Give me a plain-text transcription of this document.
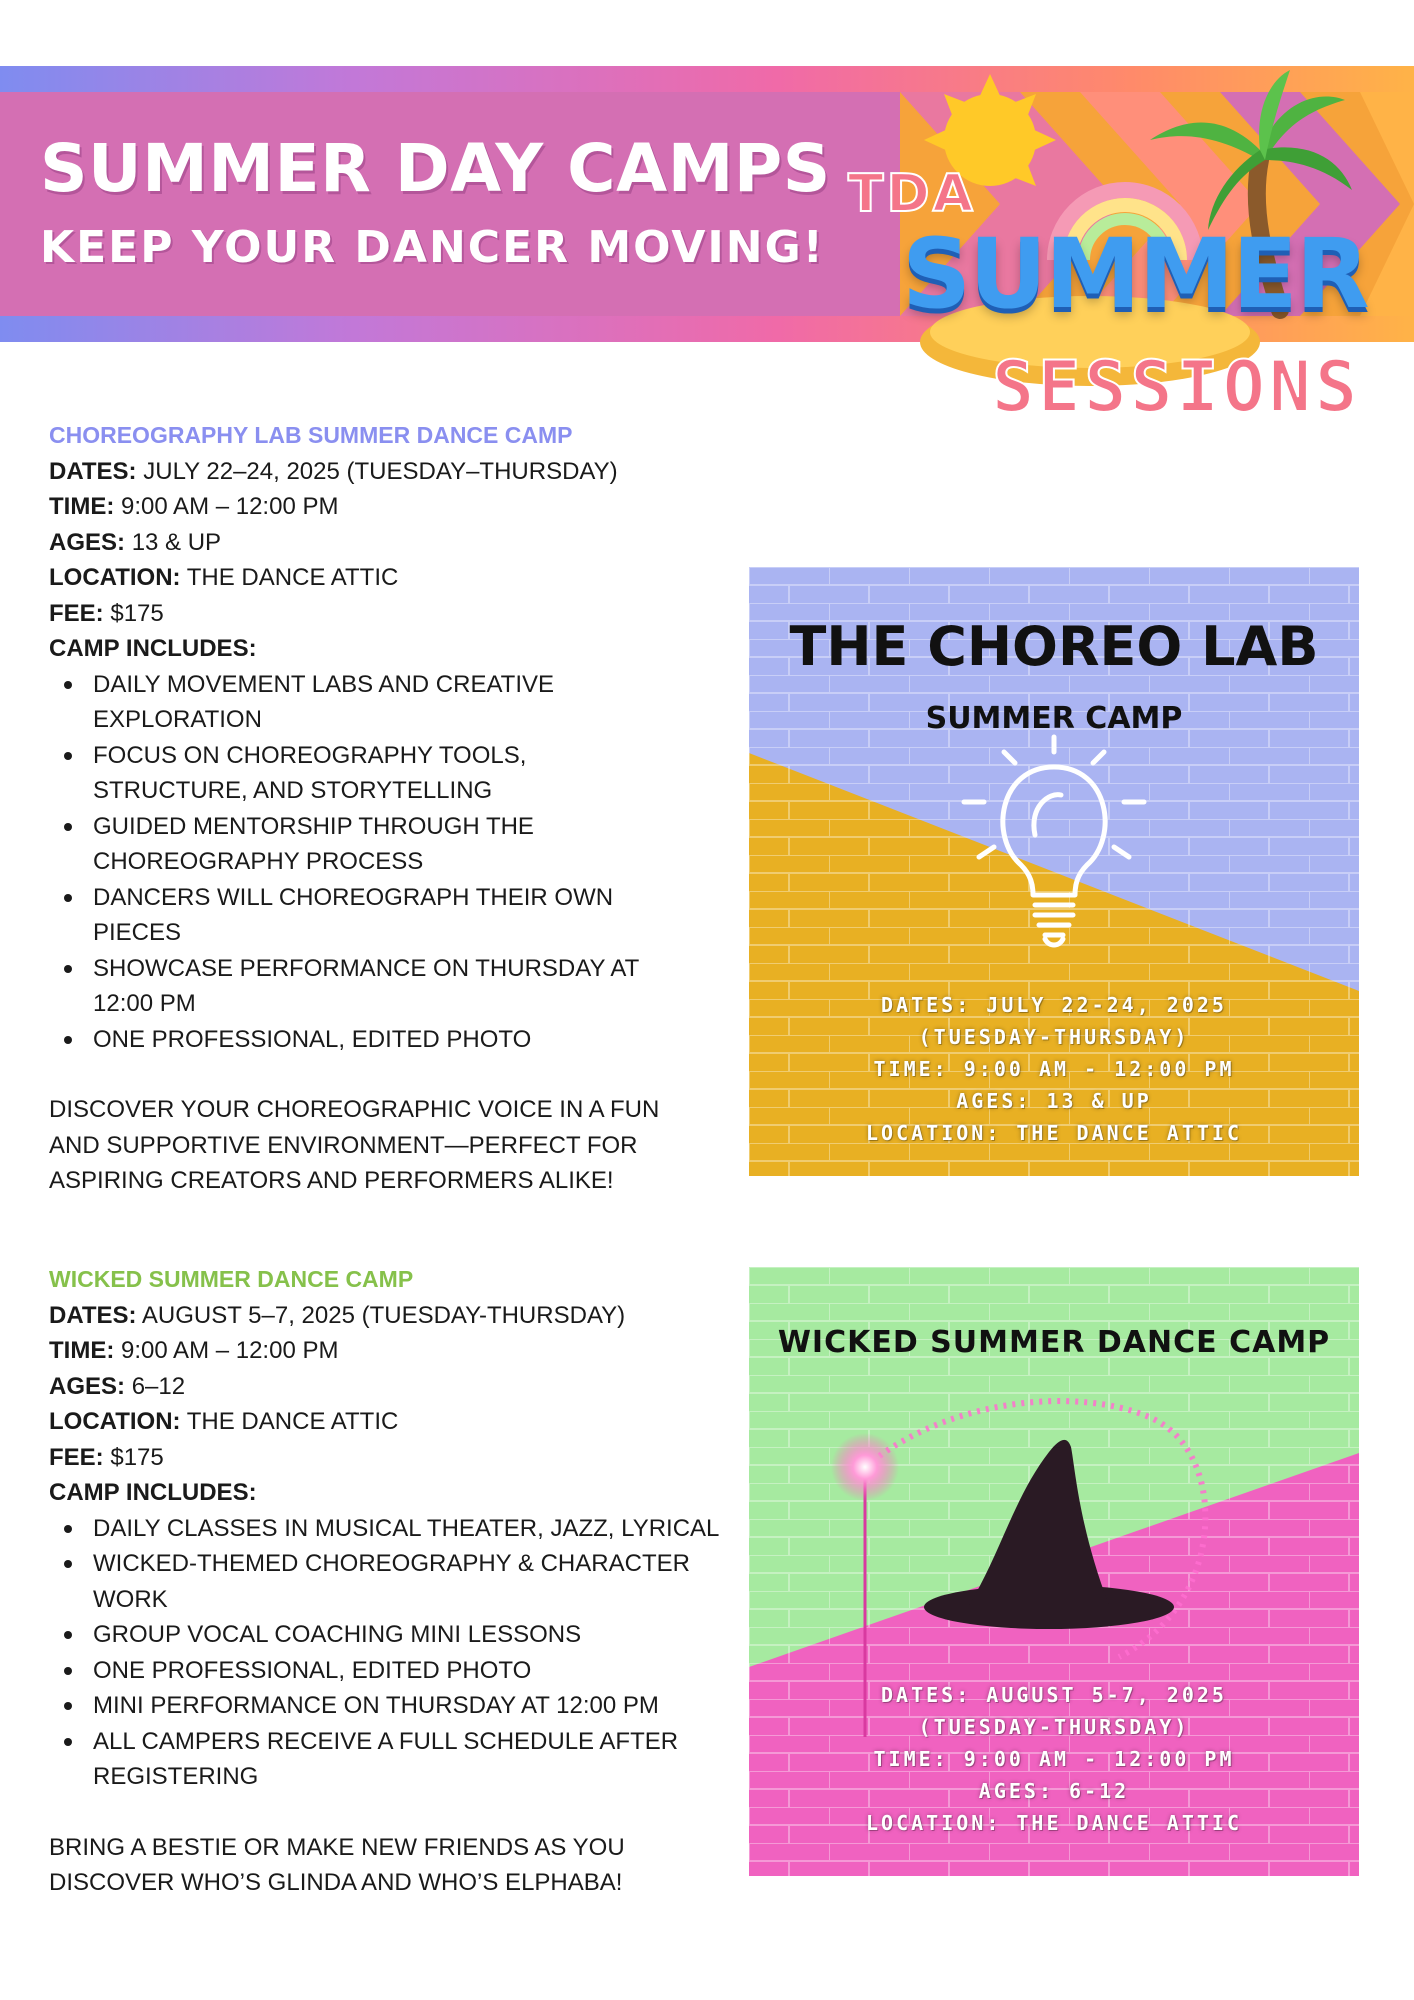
SUMMER DAY CAMPS
KEEP YOUR DANCER MOVING!
TDA
SUMMER
SESSIONS
CHOREOGRAPHY LAB SUMMER DANCE CAMP
DATES: JULY 22–24, 2025 (TUESDAY–THURSDAY)
TIME: 9:00 AM – 12:00 PM
AGES: 13 & UP
LOCATION: THE DANCE ATTIC
FEE: $175
CAMP INCLUDES:
DAILY MOVEMENT LABS AND CREATIVE EXPLORATION
FOCUS ON CHOREOGRAPHY TOOLS, STRUCTURE, AND STORYTELLING
GUIDED MENTORSHIP THROUGH THE CHOREOGRAPHY PROCESS
DANCERS WILL CHOREOGRAPH THEIR OWN PIECES
SHOWCASE PERFORMANCE ON THURSDAY AT 12:00 PM
ONE PROFESSIONAL, EDITED PHOTO
DISCOVER YOUR CHOREOGRAPHIC VOICE IN A FUN AND SUPPORTIVE ENVIRONMENT—PERFECT FOR ASPIRING CREATORS AND PERFORMERS ALIKE!
THE CHOREO LAB
SUMMER CAMP
DATES: JULY 22-24, 2025
(TUESDAY-THURSDAY)
TIME: 9:00 AM - 12:00 PM
AGES: 13 & UP
LOCATION: THE DANCE ATTIC
WICKED SUMMER DANCE CAMP
DATES: AUGUST 5–7, 2025 (TUESDAY-THURSDAY)
TIME: 9:00 AM – 12:00 PM
AGES: 6–12
LOCATION: THE DANCE ATTIC
FEE: $175
CAMP INCLUDES:
DAILY CLASSES IN MUSICAL THEATER, JAZZ, LYRICAL
WICKED-THEMED CHOREOGRAPHY & CHARACTER WORK
GROUP VOCAL COACHING MINI LESSONS
ONE PROFESSIONAL, EDITED PHOTO
MINI PERFORMANCE ON THURSDAY AT 12:00 PM
ALL CAMPERS RECEIVE A FULL SCHEDULE AFTER REGISTERING
BRING A BESTIE OR MAKE NEW FRIENDS AS YOU DISCOVER WHO’S GLINDA AND WHO’S ELPHABA!
WICKED SUMMER DANCE CAMP
DATES: AUGUST 5-7, 2025
(TUESDAY-THURSDAY)
TIME: 9:00 AM - 12:00 PM
AGES: 6-12
LOCATION: THE DANCE ATTIC
